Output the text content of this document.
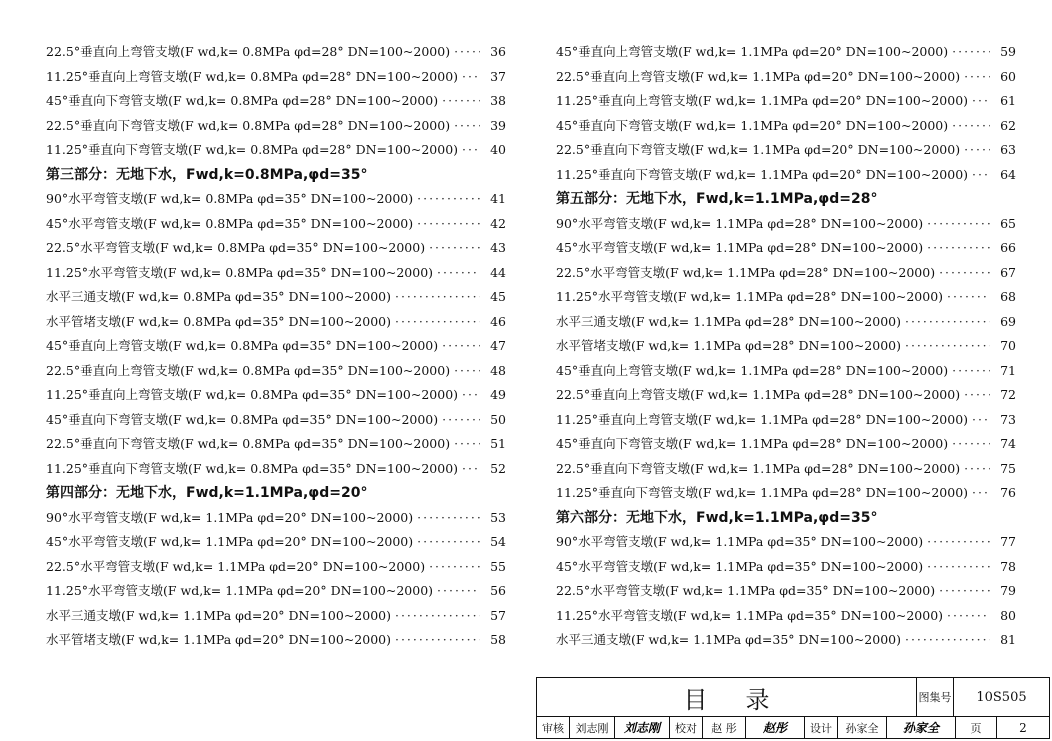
22.5°垂直向上弯管支墩(F wd,k= 0.8MPa φd=28° DN=100~2000) ·····	36
11.25°垂直向上弯管支墩(F wd,k= 0.8MPa φd=28° DN=100~2000) ·····	37
45°垂直向下弯管支墩(F wd,k= 0.8MPa φd=28° DN=100~2000) ·····	38
22.5°垂直向下弯管支墩(F wd,k= 0.8MPa φd=28° DN=100~2000) ·····	39
11.25°垂直向下弯管支墩(F wd,k= 0.8MPa φd=28° DN=100~2000) ·····	40
第三部分：无地下水，Fwd,k=0.8MPa,φd=35°
90°水平弯管支墩(F wd,k= 0.8MPa φd=35° DN=100~2000) ·····	41
45°水平弯管支墩(F wd,k= 0.8MPa φd=35° DN=100~2000) ·····	42
22.5°水平弯管支墩(F wd,k= 0.8MPa φd=35° DN=100~2000) ·····	43
11.25°水平弯管支墩(F wd,k= 0.8MPa φd=35° DN=100~2000) ·····	44
水平三通支墩(F wd,k= 0.8MPa φd=35° DN=100~2000) ·····	45
水平管堵支墩(F wd,k= 0.8MPa φd=35° DN=100~2000) ·····	46
45°垂直向上弯管支墩(F wd,k= 0.8MPa φd=35° DN=100~2000) ·····	47
22.5°垂直向上弯管支墩(F wd,k= 0.8MPa φd=35° DN=100~2000) ·····	48
11.25°垂直向上弯管支墩(F wd,k= 0.8MPa φd=35° DN=100~2000) ·····	49
45°垂直向下弯管支墩(F wd,k= 0.8MPa φd=35° DN=100~2000) ·····	50
22.5°垂直向下弯管支墩(F wd,k= 0.8MPa φd=35° DN=100~2000) ·····	51
11.25°垂直向下弯管支墩(F wd,k= 0.8MPa φd=35° DN=100~2000) ·····	52
第四部分：无地下水，Fwd,k=1.1MPa,φd=20°
90°水平弯管支墩(F wd,k= 1.1MPa φd=20° DN=100~2000) ·····	53
45°水平弯管支墩(F wd,k= 1.1MPa φd=20° DN=100~2000) ·····	54
22.5°水平弯管支墩(F wd,k= 1.1MPa φd=20° DN=100~2000) ·····	55
11.25°水平弯管支墩(F wd,k= 1.1MPa φd=20° DN=100~2000) ·····	56
水平三通支墩(F wd,k= 1.1MPa φd=20° DN=100~2000) ·····	57
水平管堵支墩(F wd,k= 1.1MPa φd=20° DN=100~2000) ·····	58
45°垂直向上弯管支墩(F wd,k= 1.1MPa φd=20° DN=100~2000) ·····	59
22.5°垂直向上弯管支墩(F wd,k= 1.1MPa φd=20° DN=100~2000) ·····	60
11.25°垂直向上弯管支墩(F wd,k= 1.1MPa φd=20° DN=100~2000) ·····	61
45°垂直向下弯管支墩(F wd,k= 1.1MPa φd=20° DN=100~2000) ·····	62
22.5°垂直向下弯管支墩(F wd,k= 1.1MPa φd=20° DN=100~2000) ·····	63
11.25°垂直向下弯管支墩(F wd,k= 1.1MPa φd=20° DN=100~2000) ·····	64
第五部分：无地下水，Fwd,k=1.1MPa,φd=28°
90°水平弯管支墩(F wd,k= 1.1MPa φd=28° DN=100~2000) ·····	65
45°水平弯管支墩(F wd,k= 1.1MPa φd=28° DN=100~2000) ·····	66
22.5°水平弯管支墩(F wd,k= 1.1MPa φd=28° DN=100~2000) ·····	67
11.25°水平弯管支墩(F wd,k= 1.1MPa φd=28° DN=100~2000) ·····	68
水平三通支墩(F wd,k= 1.1MPa φd=28° DN=100~2000) ·····	69
水平管堵支墩(F wd,k= 1.1MPa φd=28° DN=100~2000) ·····	70
45°垂直向上弯管支墩(F wd,k= 1.1MPa φd=28° DN=100~2000) ·····	71
22.5°垂直向上弯管支墩(F wd,k= 1.1MPa φd=28° DN=100~2000) ·····	72
11.25°垂直向上弯管支墩(F wd,k= 1.1MPa φd=28° DN=100~2000) ·····	73
45°垂直向下弯管支墩(F wd,k= 1.1MPa φd=28° DN=100~2000) ·····	74
22.5°垂直向下弯管支墩(F wd,k= 1.1MPa φd=28° DN=100~2000) ·····	75
11.25°垂直向下弯管支墩(F wd,k= 1.1MPa φd=28° DN=100~2000) ·····	76
第六部分：无地下水，Fwd,k=1.1MPa,φd=35°
90°水平弯管支墩(F wd,k= 1.1MPa φd=35° DN=100~2000) ·····	77
45°水平弯管支墩(F wd,k= 1.1MPa φd=35° DN=100~2000) ·····	78
22.5°水平弯管支墩(F wd,k= 1.1MPa φd=35° DN=100~2000) ·····	79
11.25°水平弯管支墩(F wd,k= 1.1MPa φd=35° DN=100~2000) ·····	80
水平三通支墩(F wd,k= 1.1MPa φd=35° DN=100~2000) ·····	81
目录	图集号	10S505
审核	刘志刚	刘志刚	校对	赵 彤	赵彤	设计	孙家全	孙家全	页	2
